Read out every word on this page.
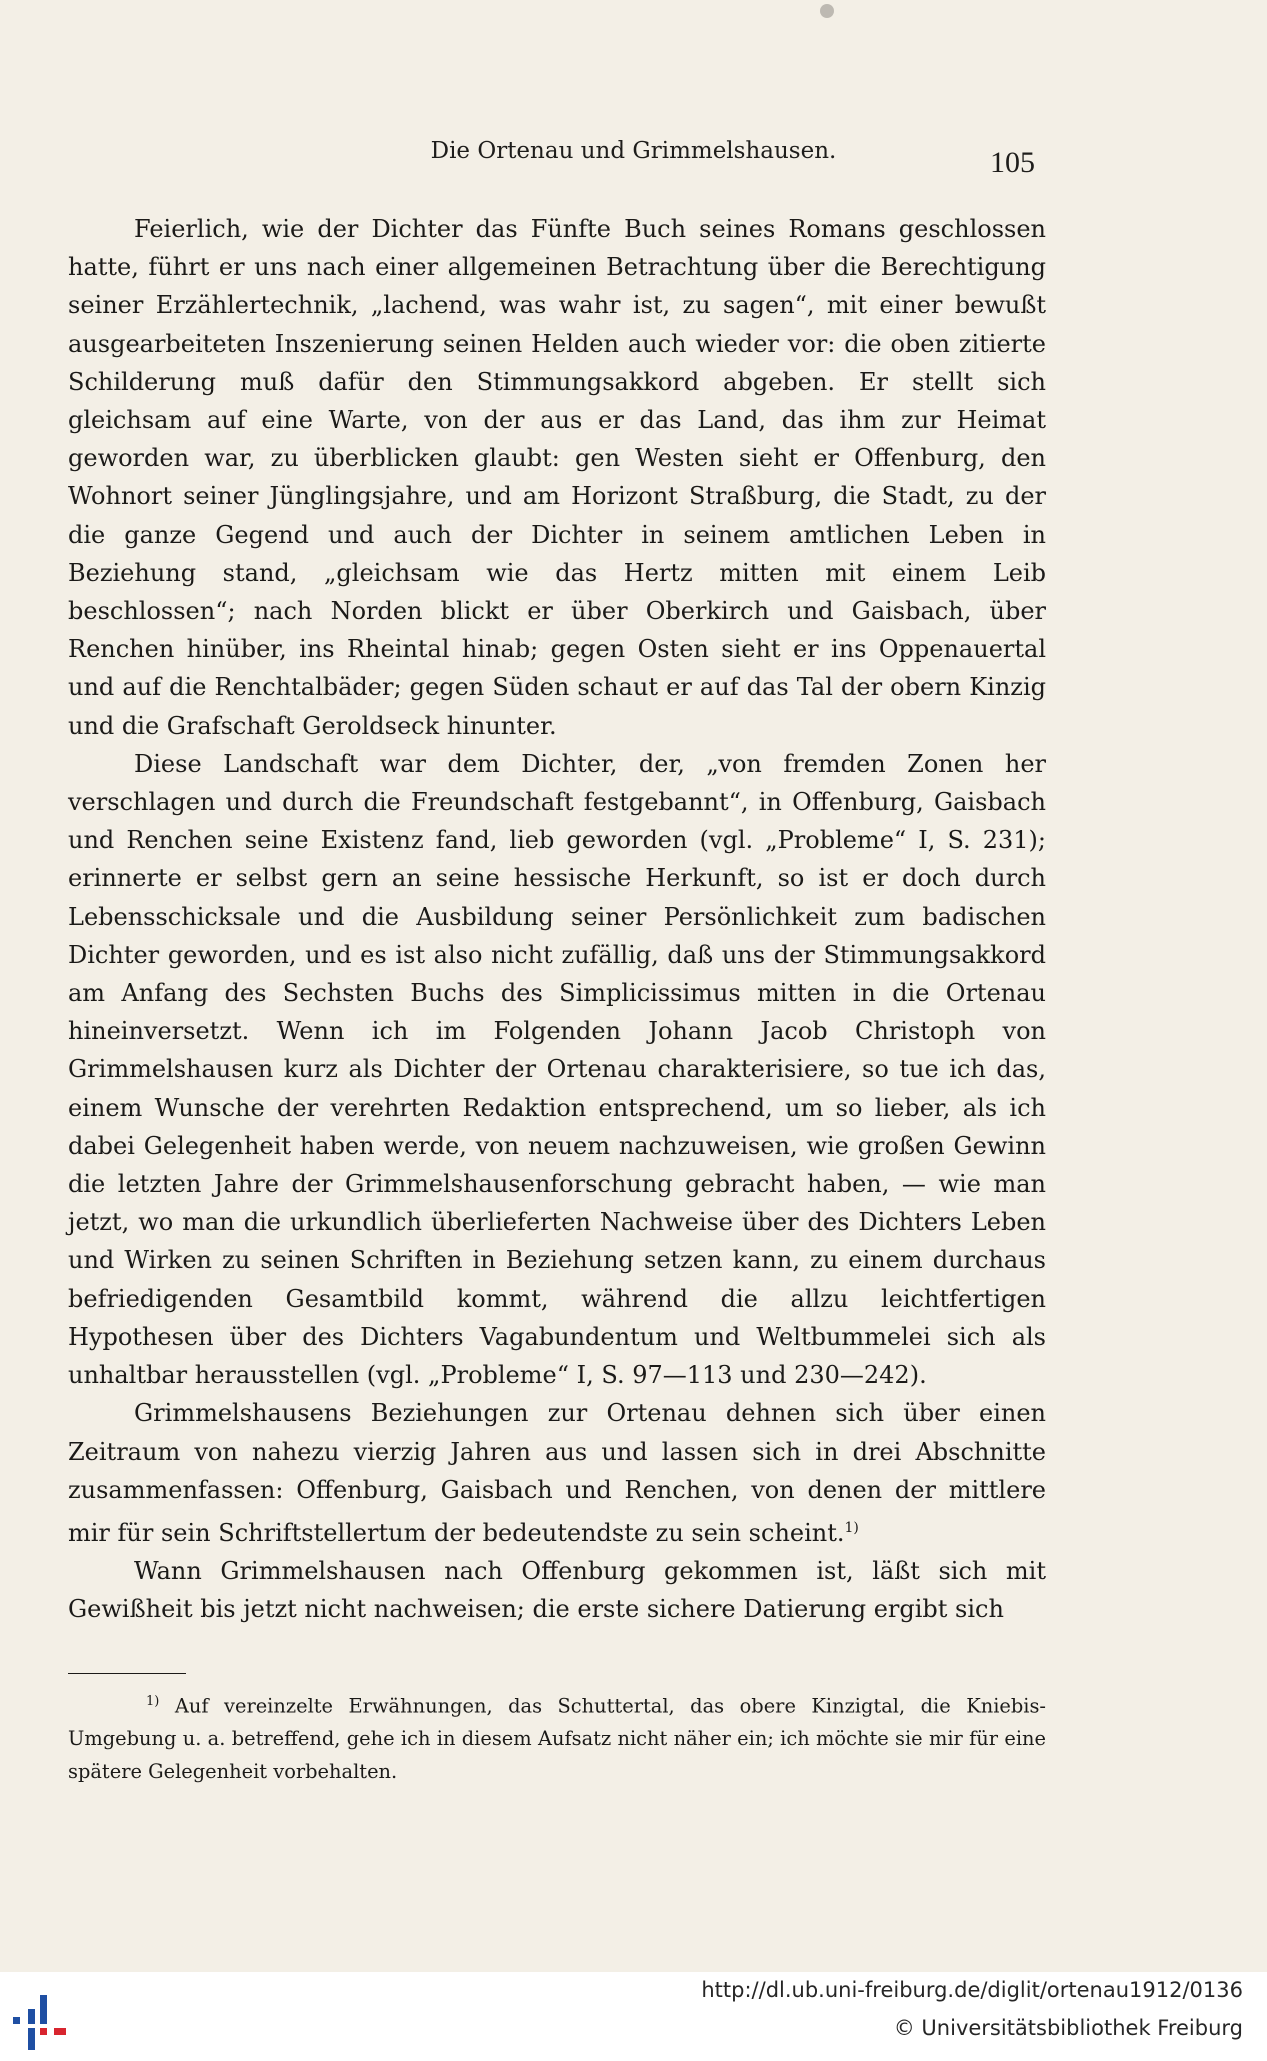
Die Ortenau und Grimmelshausen.	105

Feierlich, wie der Dichter das Fünfte Buch seines Romans geschlossen hatte, führt er uns nach einer allgemeinen Betrachtung über die Berechtigung seiner Erzählertechnik, „lachend, was wahr ist, zu sagen“, mit einer bewußt ausgearbeiteten Inszenierung seinen Helden auch wieder vor: die oben zitierte Schilderung muß dafür den Stimmungsakkord abgeben. Er stellt sich gleichsam auf eine Warte, von der aus er das Land, das ihm zur Heimat geworden war, zu überblicken glaubt: gen Westen sieht er Offenburg, den Wohnort seiner Jünglingsjahre, und am Horizont Straßburg, die Stadt, zu der die ganze Gegend und auch der Dichter in seinem amtlichen Leben in Beziehung stand, „gleichsam wie das Hertz mitten mit einem Leib beschlossen“; nach Norden blickt er über Oberkirch und Gaisbach, über Renchen hinüber, ins Rheintal hinab; gegen Osten sieht er ins Oppenauertal und auf die Renchtalbäder; gegen Süden schaut er auf das Tal der obern Kinzig und die Grafschaft Geroldseck hinunter.

Diese Landschaft war dem Dichter, der, „von fremden Zonen her verschlagen und durch die Freundschaft festgebannt“, in Offenburg, Gaisbach und Renchen seine Existenz fand, lieb geworden (vgl. „Probleme“ I, S. 231); erinnerte er selbst gern an seine hessische Herkunft, so ist er doch durch Lebensschicksale und die Ausbildung seiner Persönlichkeit zum badischen Dichter geworden, und es ist also nicht zufällig, daß uns der Stimmungsakkord am Anfang des Sechsten Buchs des Simplicissimus mitten in die Ortenau hineinversetzt. Wenn ich im Folgenden Johann Jacob Christoph von Grimmelshausen kurz als Dichter der Ortenau charakterisiere, so tue ich das, einem Wunsche der verehrten Redaktion entsprechend, um so lieber, als ich dabei Gelegenheit haben werde, von neuem nachzuweisen, wie großen Gewinn die letzten Jahre der Grimmelshausenforschung gebracht haben, — wie man jetzt, wo man die urkundlich überlieferten Nachweise über des Dichters Leben und Wirken zu seinen Schriften in Beziehung setzen kann, zu einem durchaus befriedigenden Gesamtbild kommt, während die allzu leichtfertigen Hypothesen über des Dichters Vagabundentum und Weltbummelei sich als unhaltbar herausstellen (vgl. „Probleme“ I, S. 97—113 und 230—242).

Grimmelshausens Beziehungen zur Ortenau dehnen sich über einen Zeitraum von nahezu vierzig Jahren aus und lassen sich in drei Abschnitte zusammenfassen: Offenburg, Gaisbach und Renchen, von denen der mittlere mir für sein Schriftstellertum der bedeutendste zu sein scheint.$^{1)}$

Wann Grimmelshausen nach Offenburg gekommen ist, läßt sich mit Gewißheit bis jetzt nicht nachweisen; die erste sichere Datierung ergibt sich

$^{1)}$ Auf vereinzelte Erwähnungen, das Schuttertal, das obere Kinzigtal, die Kniebis-Umgebung u. a. betreffend, gehe ich in diesem Aufsatz nicht näher ein; ich möchte sie mir für eine spätere Gelegenheit vorbehalten.

http://dl.ub.uni-freiburg.de/diglit/ortenau1912/0136
© Universitätsbibliothek Freiburg
